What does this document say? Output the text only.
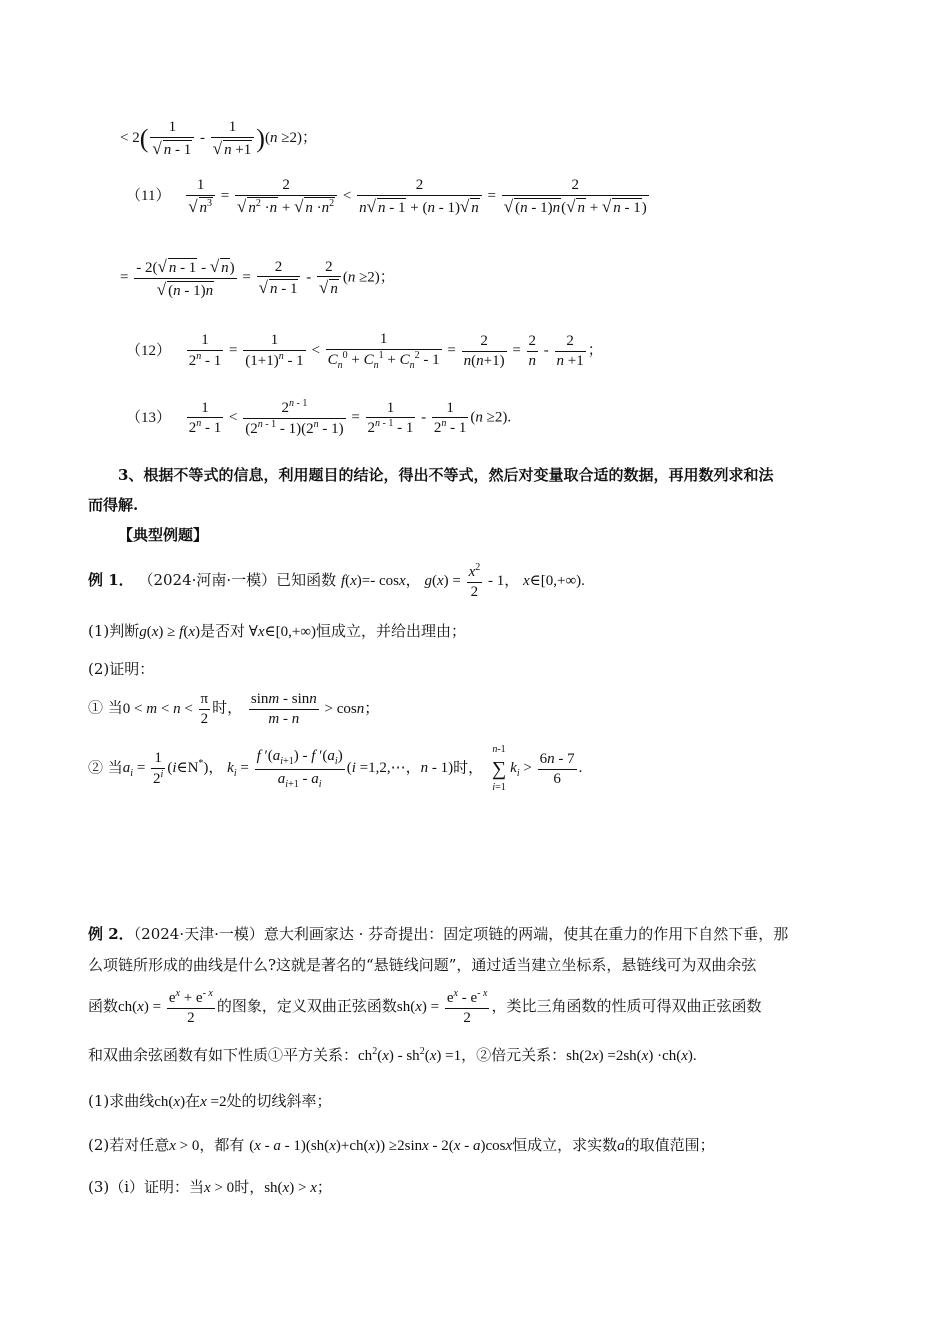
< $2( \frac{1}{√ n - 1} - \frac{1}{√ n +1} )(n \ge 2)$；
$(11) \frac{1}{√ n^3} = \frac{2}{√ n^2 \cdot n + √ n \cdot n^2} < \frac{2}{n√ n - 1 + (n - 1)√ n} = \frac{2}{√ (n - 1)n(√ n + √ n - 1)}$
= $\frac{- 2(√ n - 1 - √ n)}{√ (n - 1)n} = \frac{2}{√ n - 1} - \frac{2}{√ n} (n \ge 2)$；
$(12) \frac{1}{2^n - 1} = \frac{1}{(1+1)^n - 1} < \frac{1}{C_n^0 + C_n^1 + C_n^2 - 1} = \frac{2}{n(n+1)} = \frac{2}{n} - \frac{2}{n +1}$ ；
$(13) \frac{1}{2^n - 1} < \frac{2^{n - 1}}{(2^{n - 1} - 1)(2^n - 1)} = \frac{1}{2^{n - 1} - 1} - \frac{1}{2^n - 1} (n \ge 2)$.
3、根据不等式的信息，利用题目的结论，得出不等式，然后对变量取合适的数据，再用数列求和法
而得解.
【典型例题】
例 1． （2024·河南·一模）已知函数 f(x)=- cosx， $g(x) = \frac{x^2}{2} - 1$， x∈[0,+∞).
(1)判断g(x) ≥ f(x)是否对 ∀x∈[0,+∞)恒成立，并给出理由；
(2)证明：
① 当$0 < m < n < \frac{\pi}{2}$ 时， $\frac{\sin m - \sin n}{m - n} > \cos n$；
② 当$a_i = \frac{1}{2^i}$ (i∈N*)， $k_i = \frac{f '(a_{i+1}) - f '(a_i)}{a_{i+1} - a_i} (i$ =1,2,⋯，n - 1)时，
n-1
∑
i=1
$k_i > \frac{6n - 7}{6}$ .
例 2．（2024·天津·一模）意大利画家达 · 芬奇提出：固定项链的两端，使其在重力的作用下自然下垂，那
么项链所形成的曲线是什么?这就是著名的“悬链线问题”，通过适当建立坐标系，悬链线可为双曲余弦
函数$ch(x) = \frac{e^x + e^{- x}}{2}$ 的图象，定义双曲正弦函数$sh(x) = \frac{e^x - e^{- x}}{2}$ ，类比三角函数的性质可得双曲正弦函数
和双曲余弦函数有如下性质①平方关系：$ch^2(x) - sh^2(x) =1$，②倍元关系：sh(2x) =2sh(x) ·ch(x).
(1)求曲线ch(x)在x =2处的切线斜率；
(2)若对任意x > 0，都有 (x - a - 1)(sh(x)+ch(x)) ≥2sinx - 2(x - a)cosx恒成立，求实数a的取值范围；
(3)（i）证明：当x > 0时，sh(x) > x；
